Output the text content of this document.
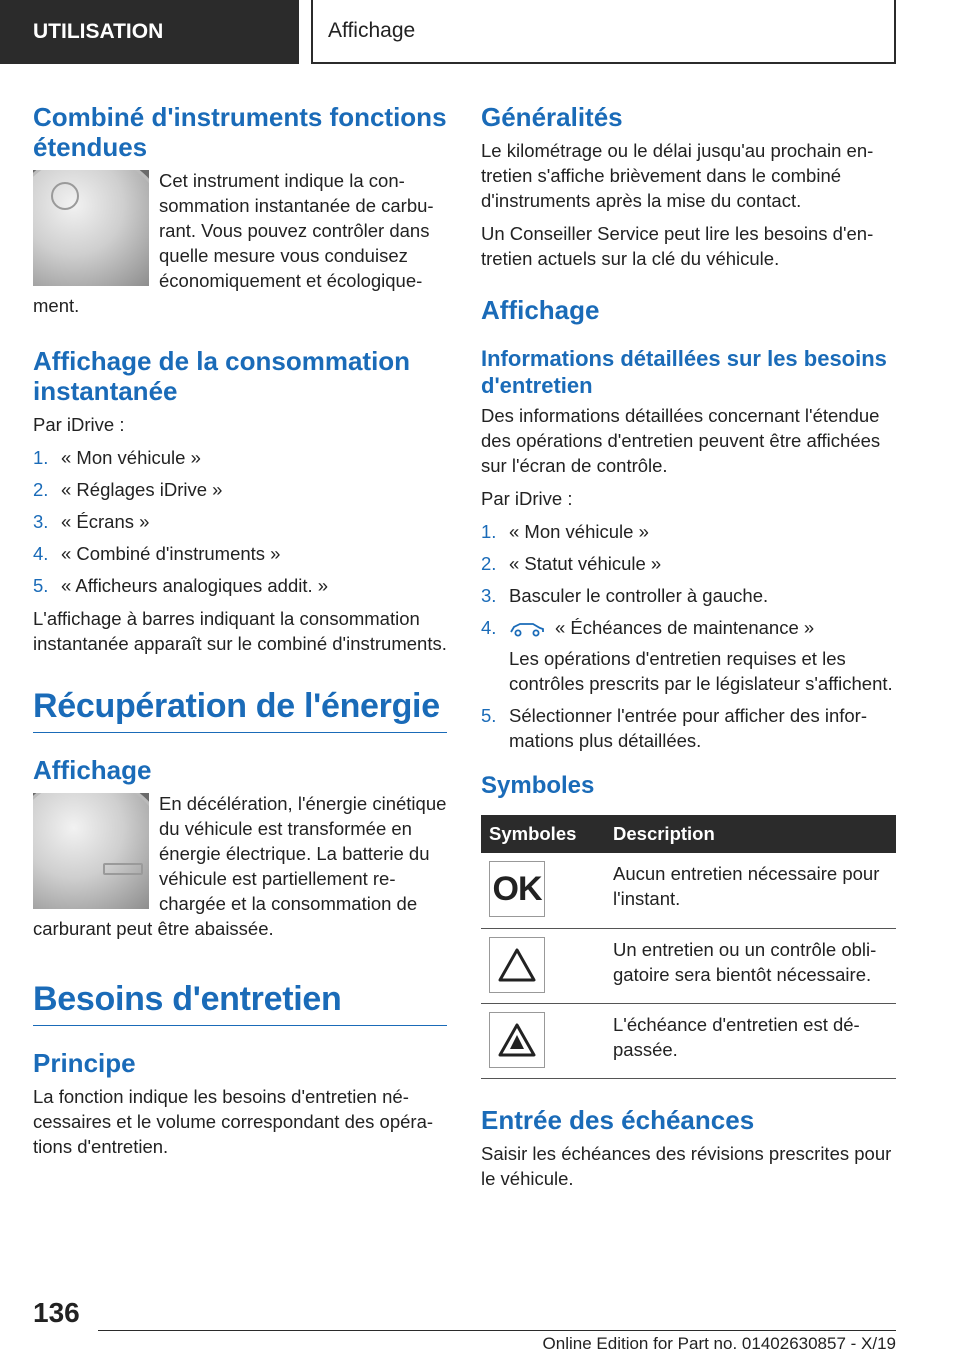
UTILISATION	Affichage
Combiné d'instruments fonctions étendues

Cet instrument indique la consommation instantanée de carburant. Vous pouvez contrôler dans quelle mesure vous conduisez économiquement et écologiquement.

Affichage de la consommation instantanée

Par iDrive :

1. « Mon véhicule »
2. « Réglages iDrive »
3. « Écrans »
4. « Combiné d'instruments »
5. « Afficheurs analogiques addit. »

L'affichage à barres indiquant la consommation instantanée apparaît sur le combiné d'instruments.

Récupération de l'énergie
Affichage

En décélération, l'énergie cinétique du véhicule est transformée en énergie électrique. La batterie du véhicule est partiellement rechargée et la consommation de carburant peut être abaissée.

Besoins d'entretien
Principe

La fonction indique les besoins d'entretien nécessaires et le volume correspondant des opérations d'entretien.

Généralités

Le kilométrage ou le délai jusqu'au prochain entretien s'affiche brièvement dans le combiné d'instruments après la mise du contact.

Un Conseiller Service peut lire les besoins d'entretien actuels sur la clé du véhicule.

Affichage
Informations détaillées sur les besoins d'entretien

Des informations détaillées concernant l'étendue des opérations d'entretien peuvent être affichées sur l'écran de contrôle.

Par iDrive :

1. « Mon véhicule »
2. « Statut véhicule »
3. Basculer le controller à gauche.
4.	« Échéances de maintenance »
Les opérations d'entretien requises et les contrôles prescrits par le législateur s'affichent.
5. Sélectionner l'entrée pour afficher des informations plus détaillées.
Symboles
Symboles	Description

OK	Aucun entretien nécessaire pour l'instant.

	Un entretien ou un contrôle obligatoire sera bientôt nécessaire.

	L'échéance d'entretien est dépassée.
Entrée des échéances

Saisir les échéances des révisions prescrites pour le véhicule.

136
Online Edition for Part no. 01402630857 - X/19
